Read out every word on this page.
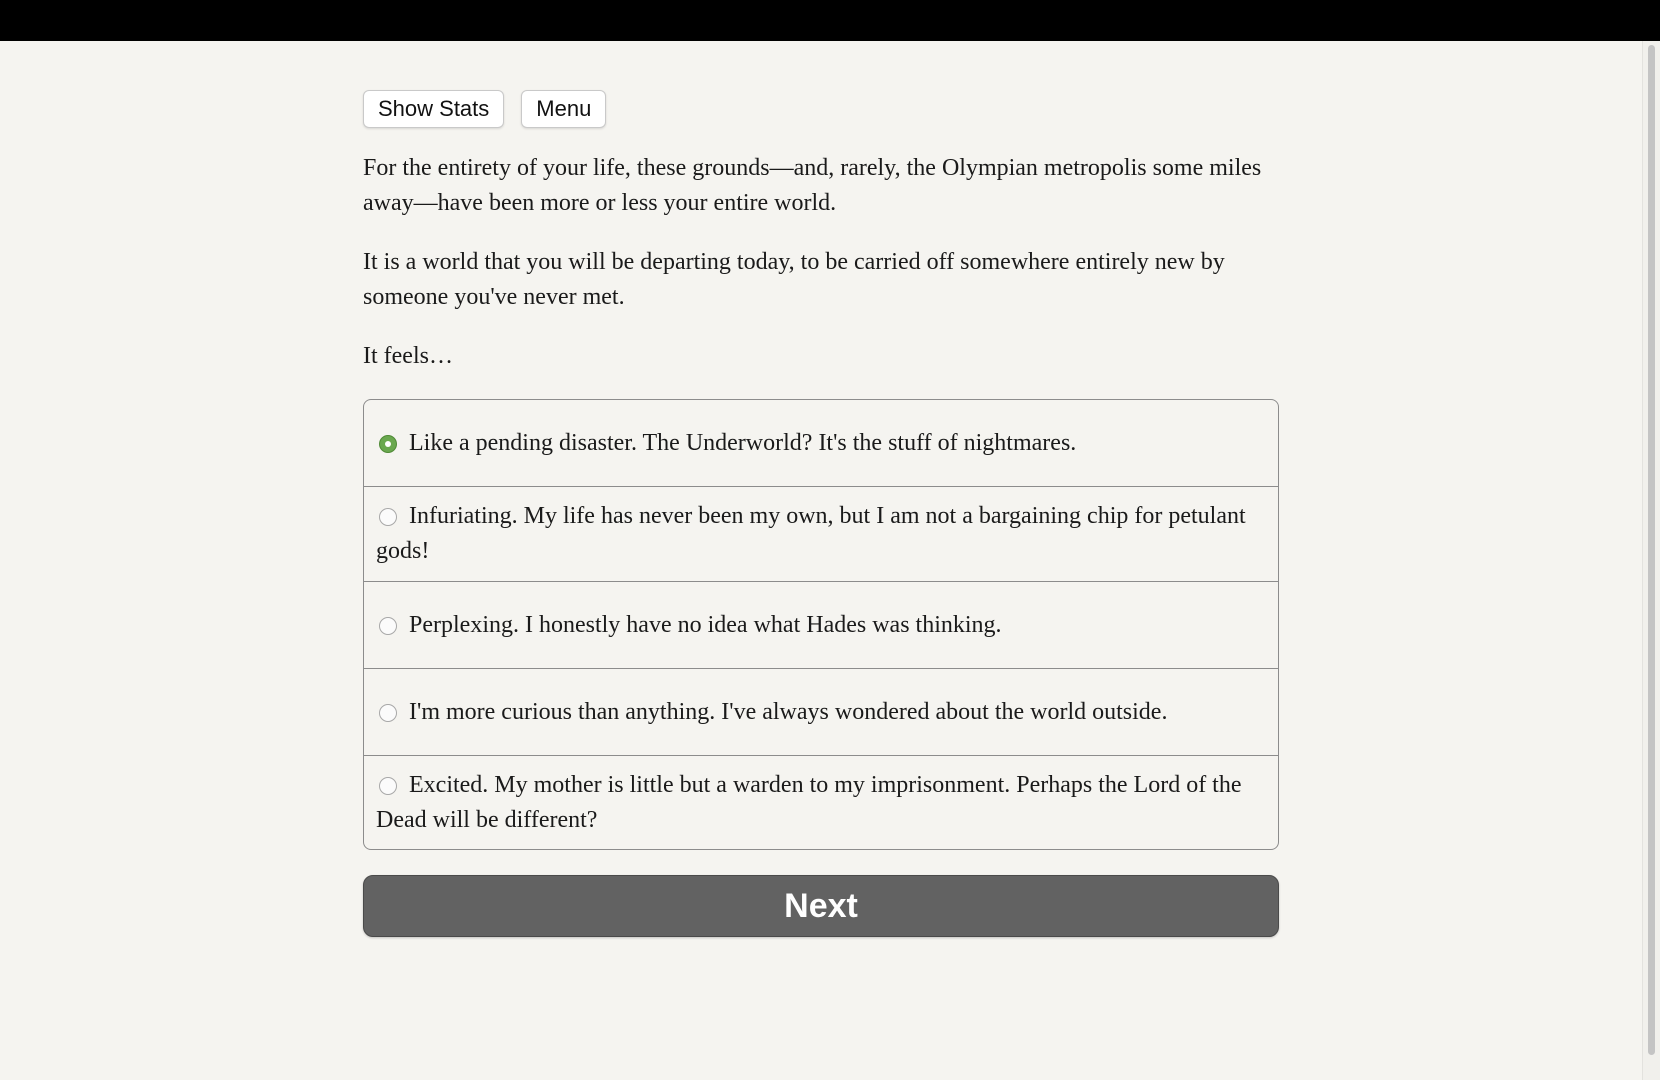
Show Stats	Menu

For the entirety of your life, these grounds—and, rarely, the Olympian metropolis some miles away—have been more or less your entire world.

It is a world that you will be departing today, to be carried off somewhere entirely new by someone you've never met.

It feels…

Like a pending disaster. The Underworld? It's the stuff of nightmares.
Infuriating. My life has never been my own, but I am not a bargaining chip for petulant gods!
Perplexing. I honestly have no idea what Hades was thinking.
I'm more curious than anything. I've always wondered about the world outside.
Excited. My mother is little but a warden to my imprisonment. Perhaps the Lord of the Dead will be different?
Next
